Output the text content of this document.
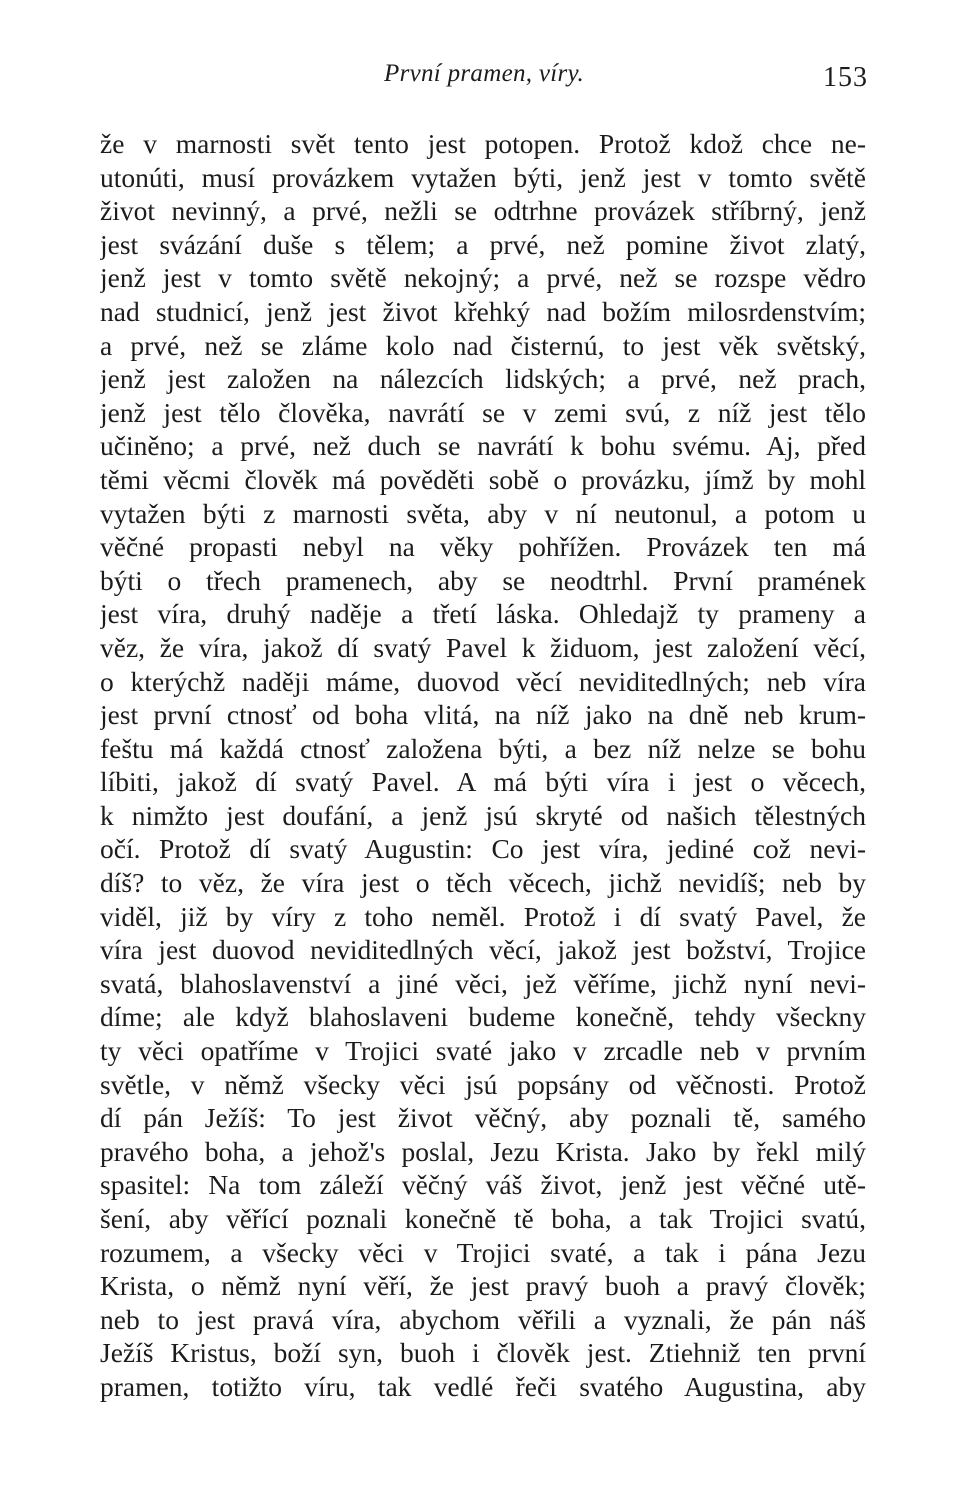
První pramen, víry.	153
že v marnosti svět tento jest potopen. Protož kdož chce ne-
utonúti, musí provázkem vytažen býti, jenž jest v tomto světě
život nevinný, a prvé, nežli se odtrhne provázek stříbrný, jenž
jest svázání duše s tělem; a prvé, než pomine život zlatý,
jenž jest v tomto světě nekojný; a prvé, než se rozspe vědro
nad studnicí, jenž jest život křehký nad božím milosrdenstvím;
a prvé, než se zláme kolo nad čisternú, to jest věk světský,
jenž jest založen na nálezcích lidských; a prvé, než prach,
jenž jest tělo člověka, navrátí se v zemi svú, z níž jest tělo
učiněno; a prvé, než duch se navrátí k bohu svému. Aj, před
těmi věcmi člověk má pověděti sobě o provázku, jímž by mohl
vytažen býti z marnosti světa, aby v ní neutonul, a potom u
věčné propasti nebyl na věky pohřížen. Provázek ten má
býti o třech pramenech, aby se neodtrhl. První pramének
jest víra, druhý naděje a třetí láska. Ohledajž ty prameny a
věz, že víra, jakož dí svatý Pavel k židuom, jest založení věcí,
o kterýchž naději máme, duovod věcí neviditedlných; neb víra
jest první ctnosť od boha vlitá, na níž jako na dně neb krum-
feštu má každá ctnosť založena býti, a bez níž nelze se bohu
líbiti, jakož dí svatý Pavel. A má býti víra i jest o věcech,
k nimžto jest doufání, a jenž jsú skryté od našich tělestných
očí. Protož dí svatý Augustin: Co jest víra, jediné což nevi-
díš? to věz, že víra jest o těch věcech, jichž nevidíš; neb by
viděl, již by víry z toho neměl. Protož i dí svatý Pavel, že
víra jest duovod neviditedlných věcí, jakož jest božství, Trojice
svatá, blahoslavenství a jiné věci, jež věříme, jichž nyní nevi-
díme; ale když blahoslaveni budeme konečně, tehdy všeckny
ty věci opatříme v Trojici svaté jako v zrcadle neb v prvním
světle, v němž všecky věci jsú popsány od věčnosti. Protož
dí pán Ježíš: To jest život věčný, aby poznali tě, samého
pravého boha, a jehož's poslal, Jezu Krista. Jako by řekl milý
spasitel: Na tom záleží věčný váš život, jenž jest věčné utě-
šení, aby věřící poznali konečně tě boha, a tak Trojici svatú,
rozumem, a všecky věci v Trojici svaté, a tak i pána Jezu
Krista, o němž nyní věří, že jest pravý buoh a pravý člověk;
neb to jest pravá víra, abychom věřili a vyznali, že pán náš
Ježíš Kristus, boží syn, buoh i člověk jest. Ztiehniž ten první
pramen, totižto víru, tak vedlé řeči svatého Augustina, aby
